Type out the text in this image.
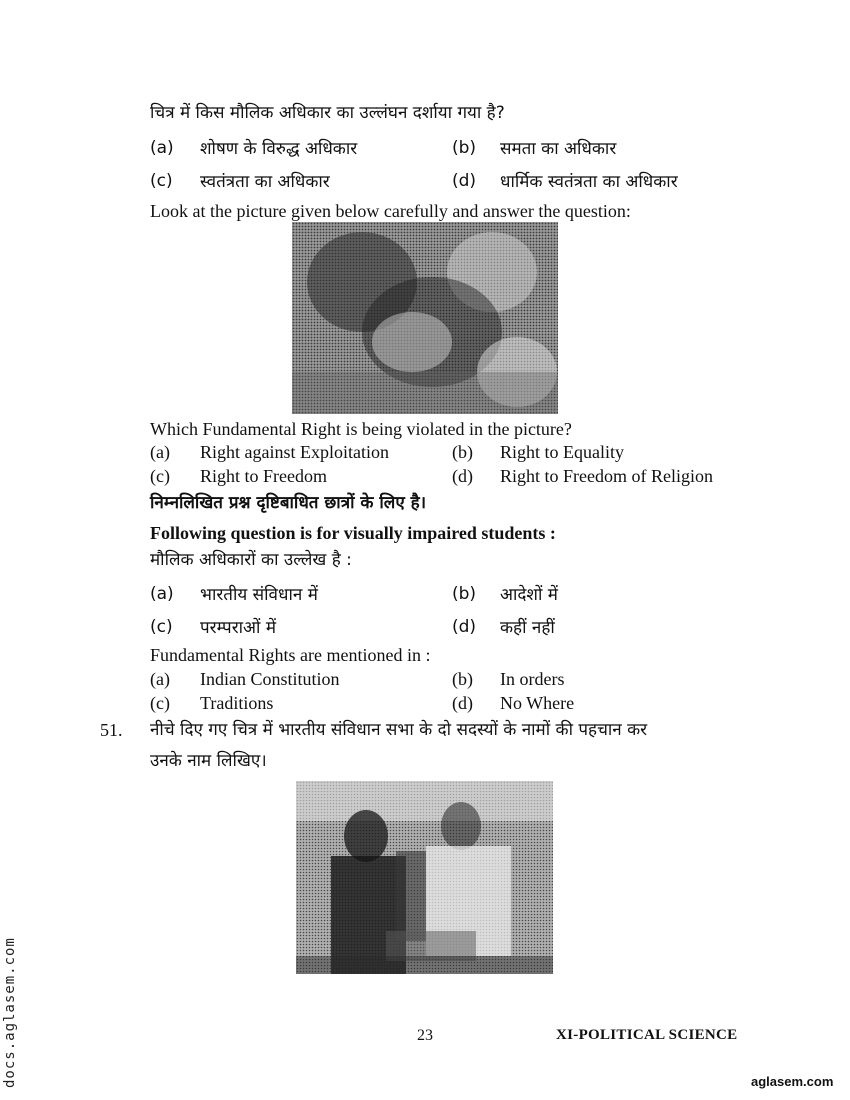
चित्र में किस मौलिक अधिकार का उल्लंघन दर्शाया गया है?
(a) शोषण के विरुद्ध अधिकार	(b) समता का अधिकार
(c) स्वतंत्रता का अधिकार	(d) धार्मिक स्वतंत्रता का अधिकार
Look at the picture given below carefully and answer the question:
Which Fundamental Right is being violated in the picture?
(a) Right against Exploitation	(b) Right to Equality
(c) Right to Freedom	(d) Right to Freedom of Religion
निम्नलिखित प्रश्न दृष्टिबाधित छात्रों के लिए है।
Following question is for visually impaired students :
मौलिक अधिकारों का उल्लेख है :
(a) भारतीय संविधान में	(b) आदेशों में
(c) परम्पराओं में	(d) कहीं नहीं
Fundamental Rights are mentioned in :
(a) Indian Constitution	(b) In orders
(c) Traditions	(d) No Where
51. नीचे दिए गए चित्र में भारतीय संविधान सभा के दो सदस्यों के नामों की पहचान कर
उनके नाम लिखिए।
23	XI-POLITICAL SCIENCE
docs.aglasem.com	aglasem.com
